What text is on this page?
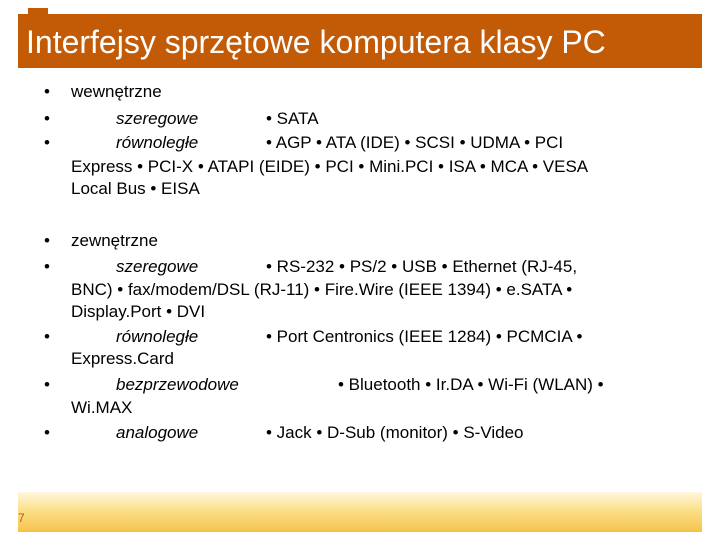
Interfejsy sprzętowe komputera klasy PC
•	wewnętrzne
•	szeregowe	• SATA
•	równoległe	• AGP • ATA (IDE) • SCSI • UDMA • PCI
Express • PCI-X • ATAPI (EIDE) • PCI • Mini.PCI • ISA • MCA • VESA
Local Bus • EISA
•	zewnętrzne
•	szeregowe	• RS-232 • PS/2 • USB • Ethernet (RJ-45,
BNC) • fax/modem/DSL (RJ-11) • Fire.Wire (IEEE 1394) • e.SATA •
Display.Port • DVI
•	równoległe	• Port Centronics (IEEE 1284) • PCMCIA •
Express.Card
•	bezprzewodowe	• Bluetooth • Ir.DA • Wi-Fi (WLAN) •
Wi.MAX
•	analogowe	• Jack • D-Sub (monitor) • S-Video
7
